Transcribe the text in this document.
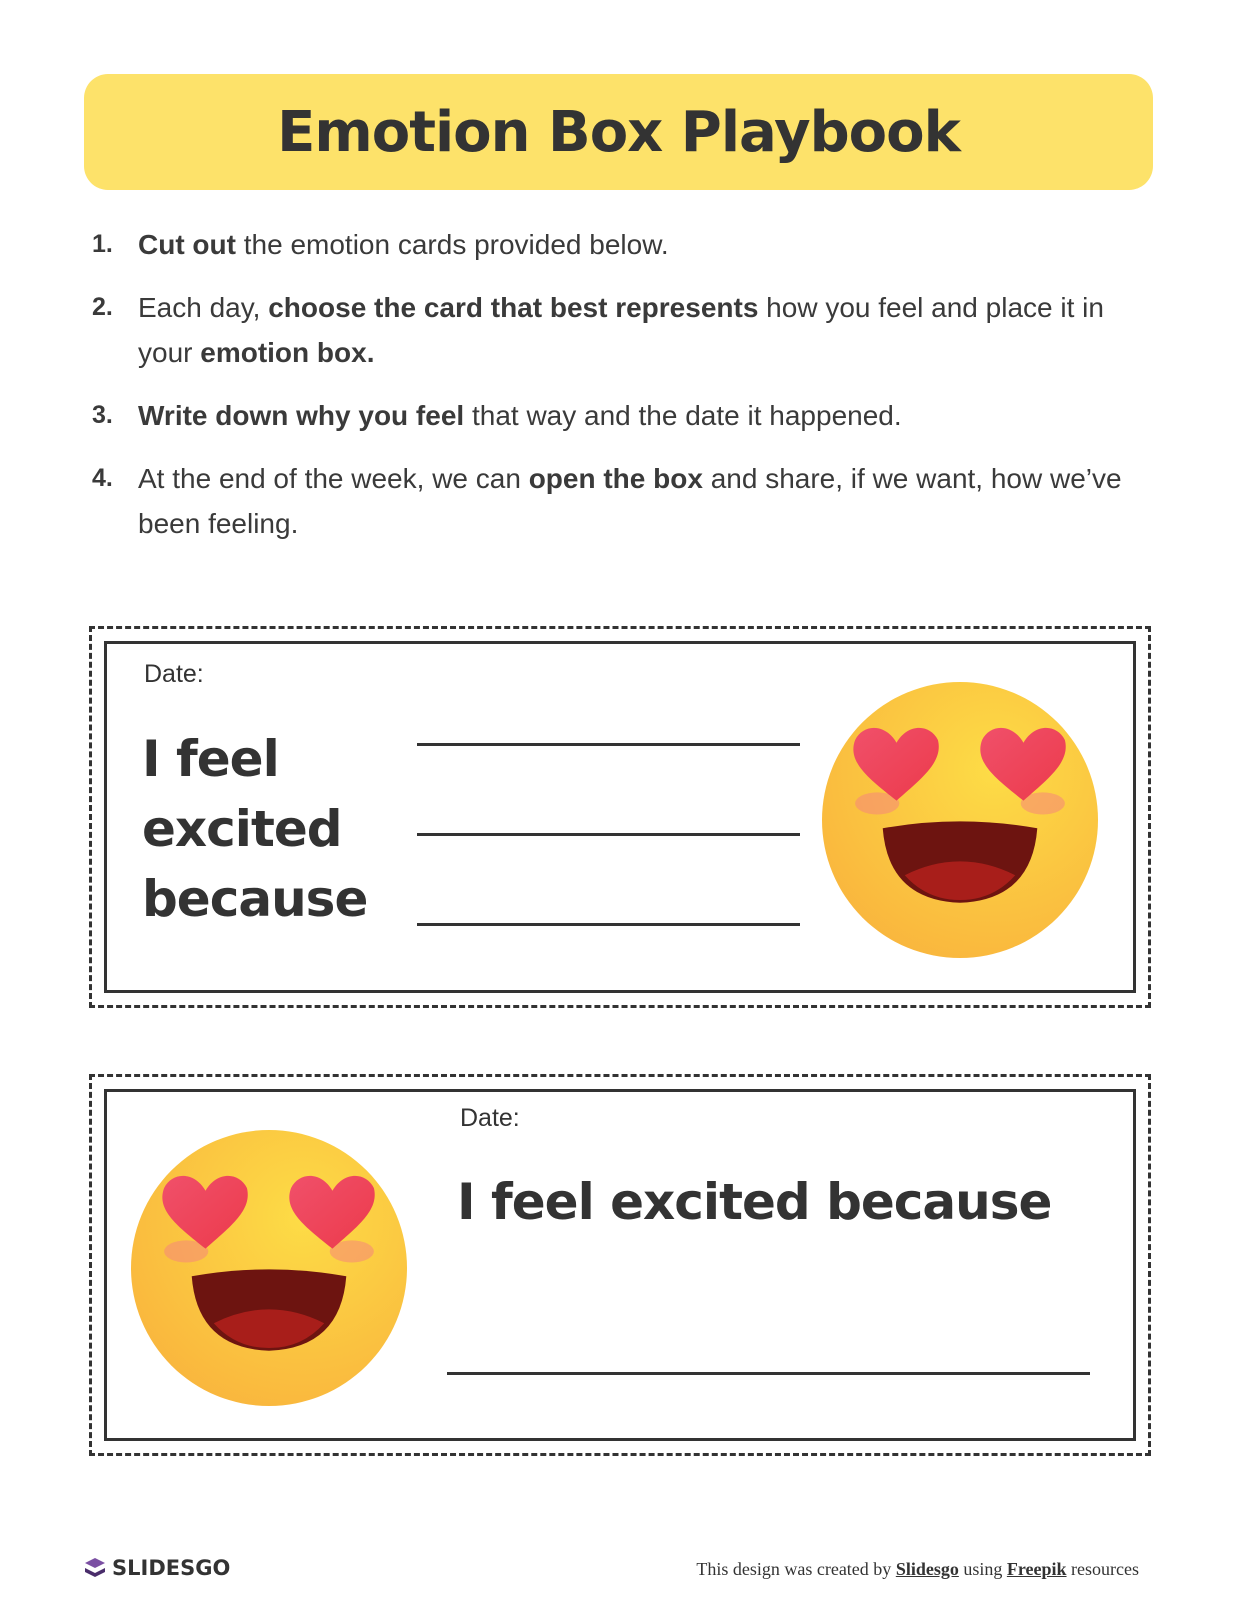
Emotion Box Playbook
1. Cut out the emotion cards provided below.
2. Each day, choose the card that best represents how you feel and place it in your emotion box.
3. Write down why you feel that way and the date it happened.
4. At the end of the week, we can open the box and share, if we want, how we’ve been feeling.
Date:
I feel
excited
because
Date:
I feel excited because
SLIDESGO	This design was created by Slidesgo using Freepik resources
